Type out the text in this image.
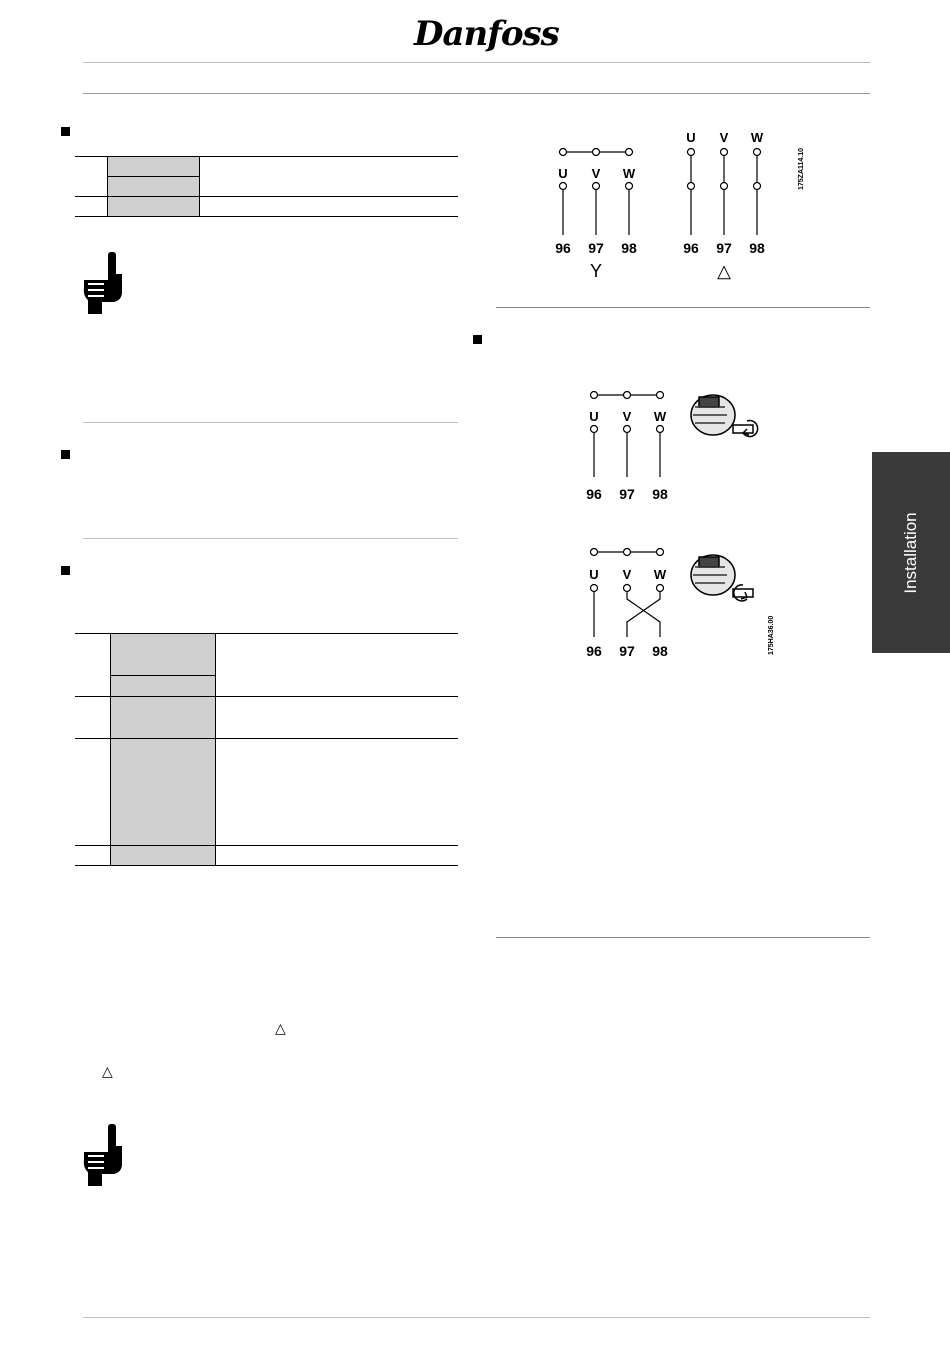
Danfoss
Installation
△
△
U V W
U V W
96 97 98	96 97 98
Y	△
175ZA114.10
U V W
96 97 98
U V W
96 97 98	175HA36.00
